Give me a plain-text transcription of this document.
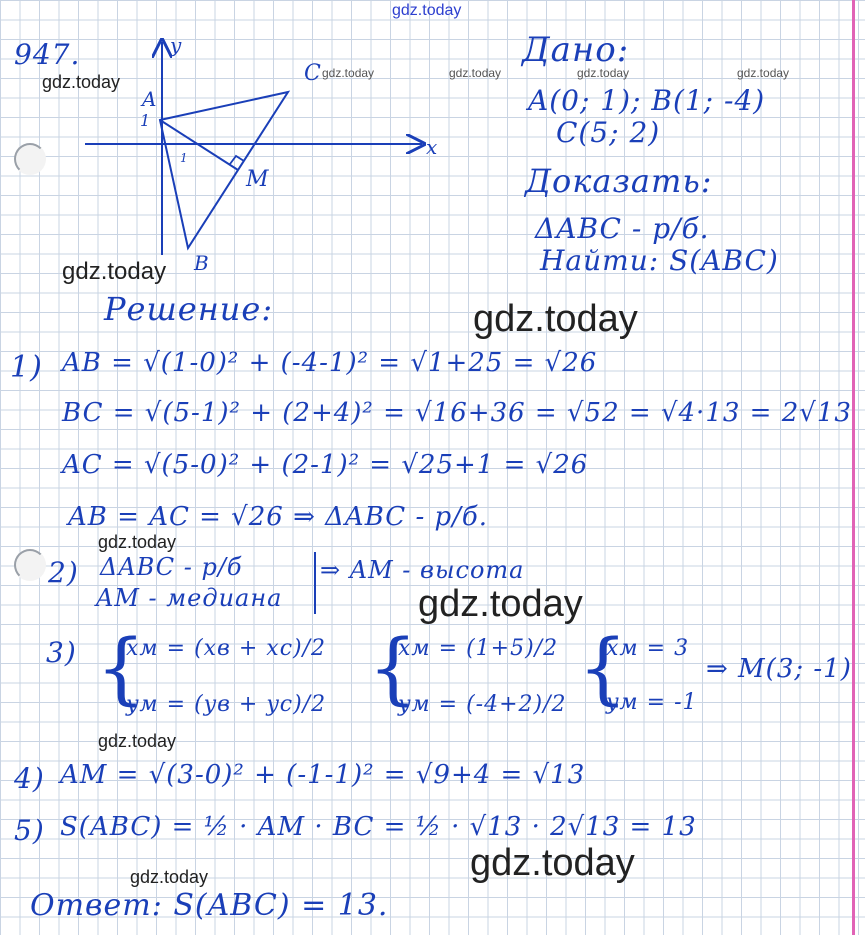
gdz.today
gdz.today	gdz.today	gdz.today	gdz.today	gdz.today
gdz.today
gdz.today
gdz.today
gdz.today
gdz.today
gdz.today
gdz.today
947.	y
x
A
1
1
C
B
M
Дано:
A(0; 1); B(1; -4)
C(5; 2)
Доказать:
ΔABC - р/б.
Найти: S(ABC)
Решение:
1) AB = √(1-0)² + (-4-1)² = √1+25 = √26
BC = √(5-1)² + (2+4)² = √16+36 = √52 = √4·13 = 2√13
AC = √(5-0)² + (2-1)² = √25+1 = √26
AB = AC = √26 ⇒ ΔABC - р/б.
2) ΔABC - р/б
AM - медиана
⇒ AM - высота
3) {
xм = (xв + xс)/2
yм = (yв + yс)/2 {
xм = (1+5)/2
yм = (-4+2)/2 {
xм = 3
yм = -1
⇒ M(3; -1)
4) AM = √(3-0)² + (-1-1)² = √9+4 = √13
5) S(ABC) = ½ · AM · BC = ½ · √13 · 2√13 = 13
Ответ: S(ABC) = 13.
